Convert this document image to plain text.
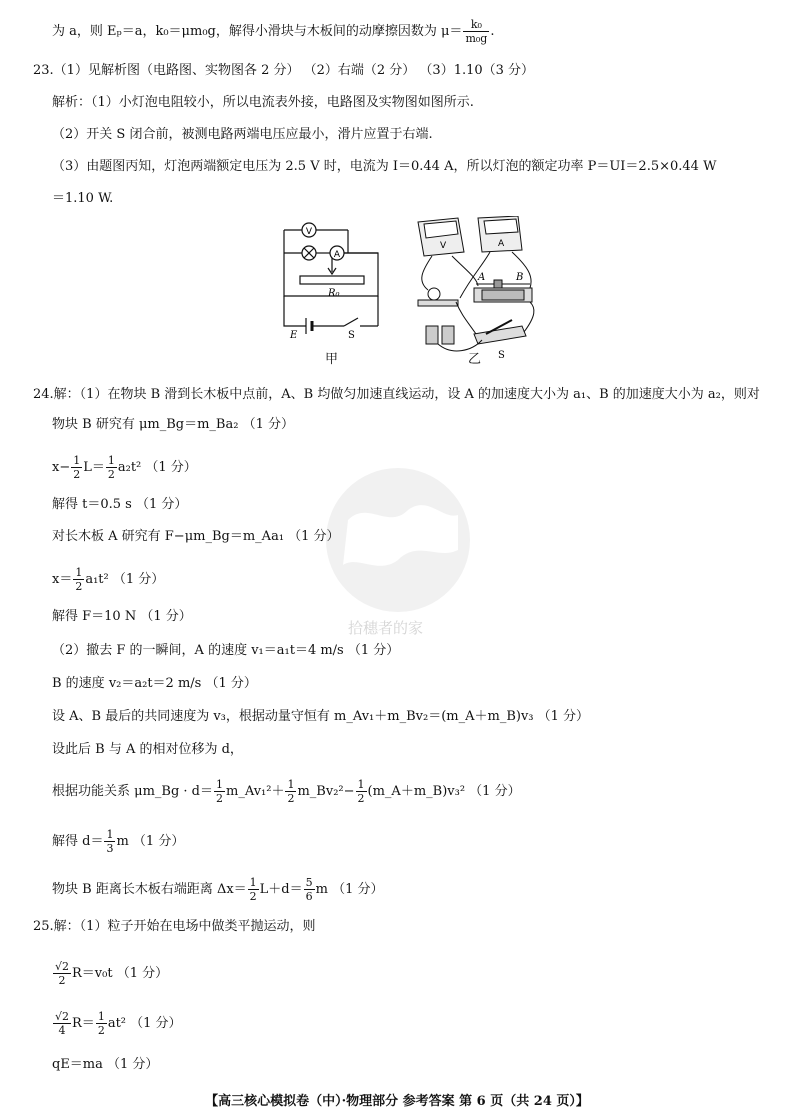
为 a，则 Eₚ＝a，k₀＝μm₀g，解得小滑块与木板间的动摩擦因数为 $\mu= \frac{\text{k₀}}{\text{m₀g}}$ .
23.（1）见解析图（电路图、实物图各 2 分） （2）右端（2 分） （3）1.10（3 分）
解析：（1）小灯泡电阻较小，所以电流表外接，电路图及实物图如图所示.
（2）开关 S 闭合前，被测电路两端电压应最小，滑片应置于右端.
（3）由题图丙知，灯泡两端额定电压为 2.5 V 时，电流为 I＝0.44 A，所以灯泡的额定功率 P＝UI＝2.5×0.44 W
＝1.10 W.
V
A
R₀
E	S
甲
V	A
A	B
S
乙
24.解：（1）在物块 B 滑到长木板中点前，A、B 均做匀加速直线运动，设 A 的加速度大小为 a₁、B 的加速度大小为 a₂，则对
物块 B 研究有 μm_Bg＝m_Ba₂ （1 分）
$x- \frac{1}{2} L= \frac{1}{2} a_2t^2$ （1 分）
解得 t＝0.5 s （1 分）
对长木板 A 研究有 F−μm_Bg＝m_Aa₁ （1 分）
$x= \frac{1}{2} a_1t^2$ （1 分）
解得 F＝10 N （1 分）
（2）撤去 F 的一瞬间，A 的速度 v₁＝a₁t＝4 m/s （1 分）
B 的速度 v₂＝a₂t＝2 m/s （1 分）
设 A、B 最后的共同速度为 v₃，根据动量守恒有 m_Av₁＋m_Bv₂＝(m_A＋m_B)v₃ （1 分）
设此后 B 与 A 的相对位移为 d，
根据功能关系 μm_Bg · $d= \frac{1}{2}$ m_Av₁²＋ $\frac{1}{2}$ m_Bv₂²− $\frac{1}{2}$ (m_A＋m_B)v₃² （1 分）
解得 $d= \frac{1}{3}$ m （1 分）
物块 B 距离长木板右端距离 $\Delta x= \frac{1}{2} L+d= \frac{5}{6}$ m （1 分）
25.解：（1）粒子开始在电场中做类平抛运动，则
$\frac{√2}{2} R=v_0t$ （1 分）
$\frac{√2}{4} R= \frac{1}{2} at^2$ （1 分）
qE＝ma （1 分）
拾穗者的家
【高三核心模拟卷（中）·物理部分 参考答案 第 6 页（共 24 页）】
